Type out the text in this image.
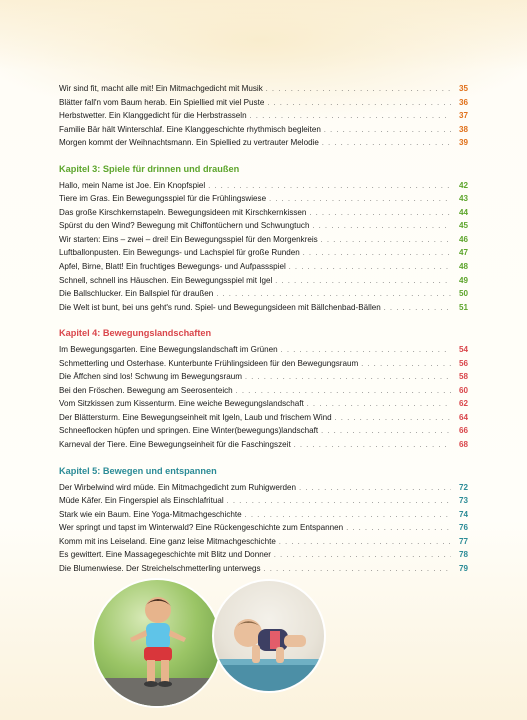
Wir sind fit, macht alle mit! Ein Mitmachgedicht mit Musik . . .	35
Blätter fall'n vom Baum herab. Ein Spiellied mit viel Puste . . .	36
Herbstwetter. Ein Klanggedicht für die Herbstrasseln . . .	37
Familie Bär hält Winterschlaf. Eine Klanggeschichte rhythmisch begleiten . . .	38
Morgen kommt der Weihnachtsmann. Ein Spiellied zu vertrauter Melodie . . .	39
Kapitel 3: Spiele für drinnen und draußen
Hallo, mein Name ist Joe. Ein Knopfspiel . . .	42
Tiere im Gras. Ein Bewegungsspiel für die Frühlingswiese . . .	43
Das große Kirschkernstapeln. Bewegungsideen mit Kirschkernkissen . . .	44
Spürst du den Wind? Bewegung mit Chiffontüchern und Schwungtuch . . .	45
Wir starten: Eins – zwei – drei! Ein Bewegungsspiel für den Morgenkreis . . .	46
Luftballonpusten. Ein Bewegungs- und Lachspiel für große Runden . . .	47
Apfel, Birne, Blatt! Ein fruchtiges Bewegungs- und Aufpassspiel . . .	48
Schnell, schnell ins Häuschen. Ein Bewegungsspiel mit Igel . . .	49
Die Ballschlucker. Ein Ballspiel für draußen . . .	50
Die Welt ist bunt, bei uns geht's rund. Spiel- und Bewegungsideen mit Bällchenbad-Bällen . . .	51
Kapitel 4: Bewegungslandschaften
Im Bewegungsgarten. Eine Bewegungslandschaft im Grünen . . .	54
Schmetterling und Osterhase. Kunterbunte Frühlingsideen für den Bewegungsraum . . .	56
Die Äffchen sind los! Schwung im Bewegungsraum . . .	58
Bei den Fröschen. Bewegung am Seerosenteich . . .	60
Vom Sitzkissen zum Kissenturm. Eine weiche Bewegungslandschaft . . .	62
Der Blättersturm. Eine Bewegungseinheit mit Igeln, Laub und frischem Wind . . .	64
Schneeflocken hüpfen und springen. Eine Winter(bewegungs)landschaft . . .	66
Karneval der Tiere. Eine Bewegungseinheit für die Faschingszeit . . .	68
Kapitel 5: Bewegen und entspannen
Der Wirbelwind wird müde. Ein Mitmachgedicht zum Ruhigwerden . . .	72
Müde Käfer. Ein Fingerspiel als Einschlafritual . . .	73
Stark wie ein Baum. Eine Yoga-Mitmachgeschichte . . .	74
Wer springt und tapst im Winterwald? Eine Rückengeschichte zum Entspannen . . .	76
Komm mit ins Leiseland. Eine ganz leise Mitmachgeschichte . . .	77
Es gewittert. Eine Massagegeschichte mit Blitz und Donner . . .	78
Die Blumenwiese. Der Streichelschmetterling unterwegs . . .	79
